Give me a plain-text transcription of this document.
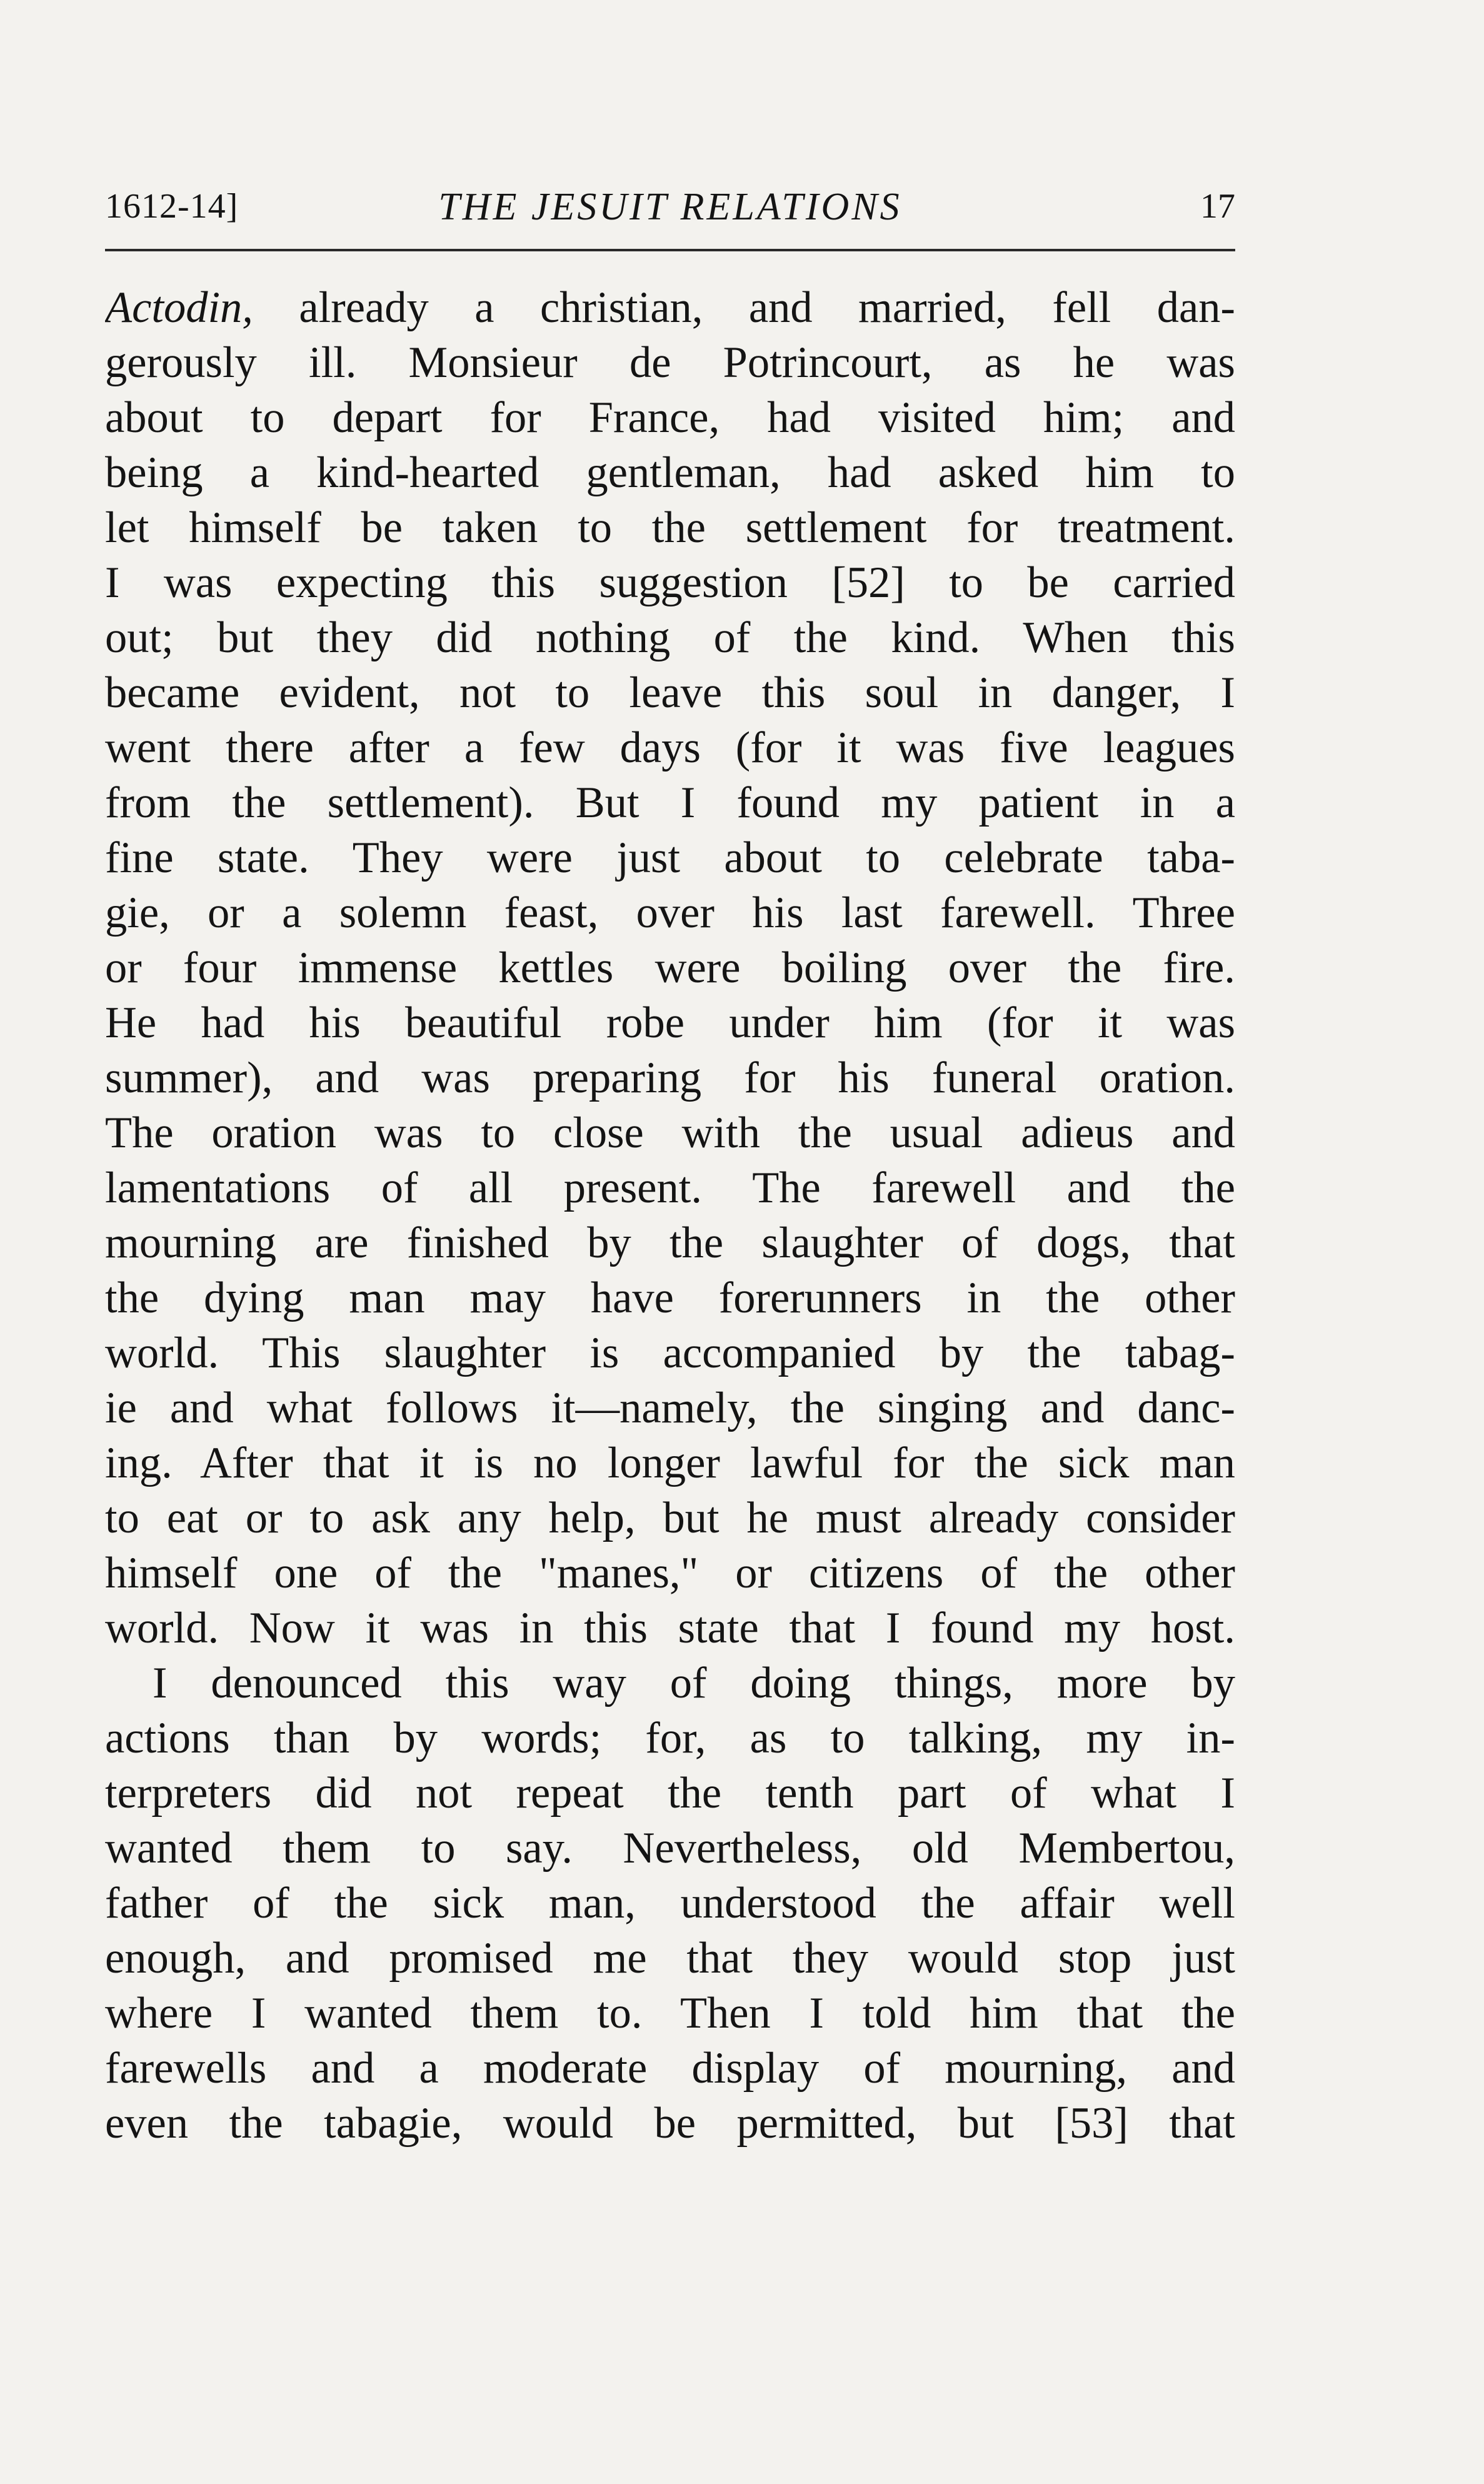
1612-14]	THE JESUIT RELATIONS	17
Actodin, already a christian, and married, fell dan-
gerously ill. Monsieur de Potrincourt, as he was
about to depart for France, had visited him; and
being a kind-hearted gentleman, had asked him to
let himself be taken to the settlement for treatment.
I was expecting this suggestion [52] to be carried
out; but they did nothing of the kind. When this
became evident, not to leave this soul in danger, I
went there after a few days (for it was five leagues
from the settlement). But I found my patient in a
fine state. They were just about to celebrate taba-
gie, or a solemn feast, over his last farewell. Three
or four immense kettles were boiling over the fire.
He had his beautiful robe under him (for it was
summer), and was preparing for his funeral oration.
The oration was to close with the usual adieus and
lamentations of all present. The farewell and the
mourning are finished by the slaughter of dogs, that
the dying man may have forerunners in the other
world. This slaughter is accompanied by the tabag-
ie and what follows it—namely, the singing and danc-
ing. After that it is no longer lawful for the sick man
to eat or to ask any help, but he must already consider
himself one of the "manes," or citizens of the other
world. Now it was in this state that I found my host.
I denounced this way of doing things, more by
actions than by words; for, as to talking, my in-
terpreters did not repeat the tenth part of what I
wanted them to say. Nevertheless, old Membertou,
father of the sick man, understood the affair well
enough, and promised me that they would stop just
where I wanted them to. Then I told him that the
farewells and a moderate display of mourning, and
even the tabagie, would be permitted, but [53] that
